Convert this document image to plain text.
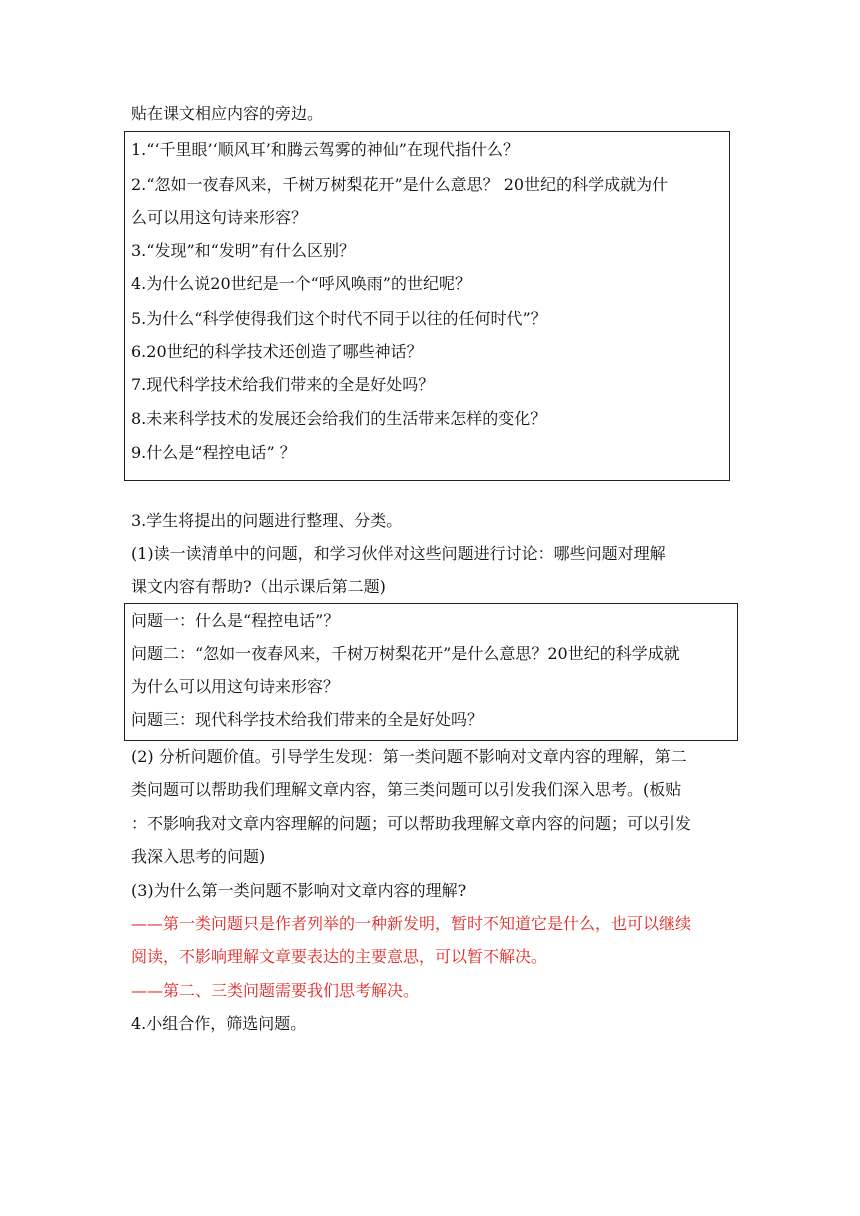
贴在课文相应内容的旁边。
1.“‘千里眼’‘顺风耳’和腾云驾雾的神仙”在现代指什么？
2.“忽如一夜春风来，千树万树梨花开”是什么意思？ 20世纪的科学成就为什
么可以用这句诗来形容？
3.“发现”和“发明”有什么区别？
4.为什么说20世纪是一个“呼风唤雨”的世纪呢？
5.为什么“科学使得我们这个时代不同于以往的任何时代”？
6.20世纪的科学技术还创造了哪些神话？
7.现代科学技术给我们带来的全是好处吗？
8.未来科学技术的发展还会给我们的生活带来怎样的变化？
9.什么是“程控电话” ？
3.学生将提出的问题进行整理、分类。
(1)读一读清单中的问题，和学习伙伴对这些问题进行讨论：哪些问题对理解
课文内容有帮助?（出示课后第二题)
问题一：什么是“程控电话”？
问题二：“忽如一夜春风来，千树万树梨花开”是什么意思？20世纪的科学成就
为什么可以用这句诗来形容？
问题三：现代科学技术给我们带来的全是好处吗？
(2) 分析问题价值。引导学生发现：第一类问题不影响对文章内容的理解，第二
类问题可以帮助我们理解文章内容，第三类问题可以引发我们深入思考。(板贴
：不影响我对文章内容理解的问题；可以帮助我理解文章内容的问题；可以引发
我深入思考的问题)
(3)为什么第一类问题不影响对文章内容的理解?
——第一类问题只是作者列举的一种新发明，暂时不知道它是什么，也可以继续
阅读，不影响理解文章要表达的主要意思，可以暂不解决。
——第二、三类问题需要我们思考解决。
4.小组合作，筛选问题。
